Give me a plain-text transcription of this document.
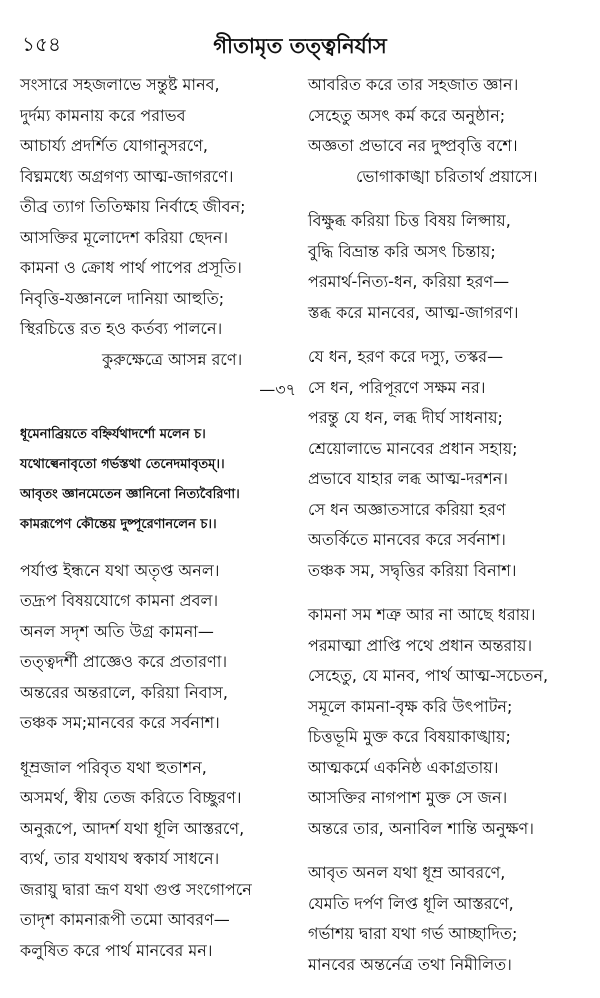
১৫৪	গীতামৃত তত্ত্বনির্যাস
সংসারে সহজলাভে সন্তুষ্ট মানব,
দুর্দম্য কামনায় করে পরাভব
আচার্য্য প্রদর্শিত যোগানুসরণে,
বিঘ্নমধ্যে অগ্রগণ্য আত্ম-জাগরণে।
তীব্র ত্যাগ তিতিক্ষায় নির্বাহে জীবন;
আসক্তির মূলোদেশ করিয়া ছেদন।
কামনা ও ক্রোধ পার্থ পাপের প্রসূতি।
নিবৃত্তি-যজ্ঞানলে দানিয়া আহুতি;
স্থিরচিত্তে রত হও কর্তব্য পালনে।
কুরুক্ষেত্রে আসন্ন রণে।
—৩৭
ধূমেনাব্রিয়তে বহ্নির্যথাদর্শো মলেন চ।
যথোল্বেনাবৃতো গর্ভস্তথা তেনেদমাবৃতম্।।
আবৃতং জ্ঞানমেতেন জ্ঞানিনো নিত্যবৈরিণা।
কামরূপেণ কৌন্তেয় দুষ্পূরেণানলেন চ।।
পর্যাপ্ত ইন্ধনে যথা অতৃপ্ত অনল।
তদ্রূপ বিষয়যোগে কামনা প্রবল।
অনল সদৃশ অতি উগ্র কামনা—
তত্ত্বদর্শী প্রাজ্ঞেও করে প্রতারণা।
অন্তরের অন্তরালে, করিয়া নিবাস,
তঞ্চক সম;মানবের করে সর্বনাশ।
ধূম্রজাল পরিবৃত যথা হুতাশন,
অসমর্থ, স্বীয় তেজ করিতে বিচ্ছুরণ।
অনুরূপে, আদর্শ যথা ধূলি আস্তরণে,
ব্যর্থ, তার যথাযথ স্বকার্য সাধনে।
জরায়ু দ্বারা ভ্রূণ যথা গুপ্ত সংগোপনে
তাদৃশ কামনারূপী তমো আবরণ—
কলুষিত করে পার্থ মানবের মন।
আবরিত করে তার সহজাত জ্ঞান।
সেহেতু অসৎ কর্ম করে অনুষ্ঠান;
অজ্ঞতা প্রভাবে নর দুষ্প্রবৃত্তি বশে।
ভোগাকাঙ্খা চরিতার্থ প্রয়াসে।
বিক্ষুব্ধ করিয়া চিত্ত বিষয় লিপ্সায়,
বুদ্ধি বিভ্রান্ত করি অসৎ চিন্তায়;
পরমার্থ-নিত্য-ধন, করিয়া হরণ—
স্তব্ধ করে মানবের, আত্ম-জাগরণ।
যে ধন, হরণ করে দস্যু, তস্কর—
সে ধন, পরিপূরণে সক্ষম নর।
পরন্তু যে ধন, লব্ধ দীর্ঘ সাধনায়;
শ্রেয়োলাভে মানবের প্রধান সহায়;
প্রভাবে যাহার লব্ধ আত্ম-দরশন।
সে ধন অজ্ঞাতসারে করিয়া হরণ
অতর্কিতে মানবের করে সর্বনাশ।
তঞ্চক সম, সদ্বৃত্তির করিয়া বিনাশ।
কামনা সম শত্রু আর না আছে ধরায়।
পরমাত্মা প্রাপ্তি পথে প্রধান অন্তরায়।
সেহেতু, যে মানব, পার্থ আত্ম-সচেতন,
সমূলে কামনা-বৃক্ষ করি উৎপাটন;
চিত্তভূমি মুক্ত করে বিষয়াকাঙ্খায়;
আত্মকর্মে একনিষ্ঠ একাগ্রতায়।
আসক্তির নাগপাশ মুক্ত সে জন।
অন্তরে তার, অনাবিল শান্তি অনুক্ষণ।
আবৃত অনল যথা ধূম্র আবরণে,
যেমতি দর্পণ লিপ্ত ধূলি আস্তরণে,
গর্ভাশয় দ্বারা যথা গর্ভ আচ্ছাদিত;
মানবের অন্তর্নেত্র তথা নিমীলিত।
